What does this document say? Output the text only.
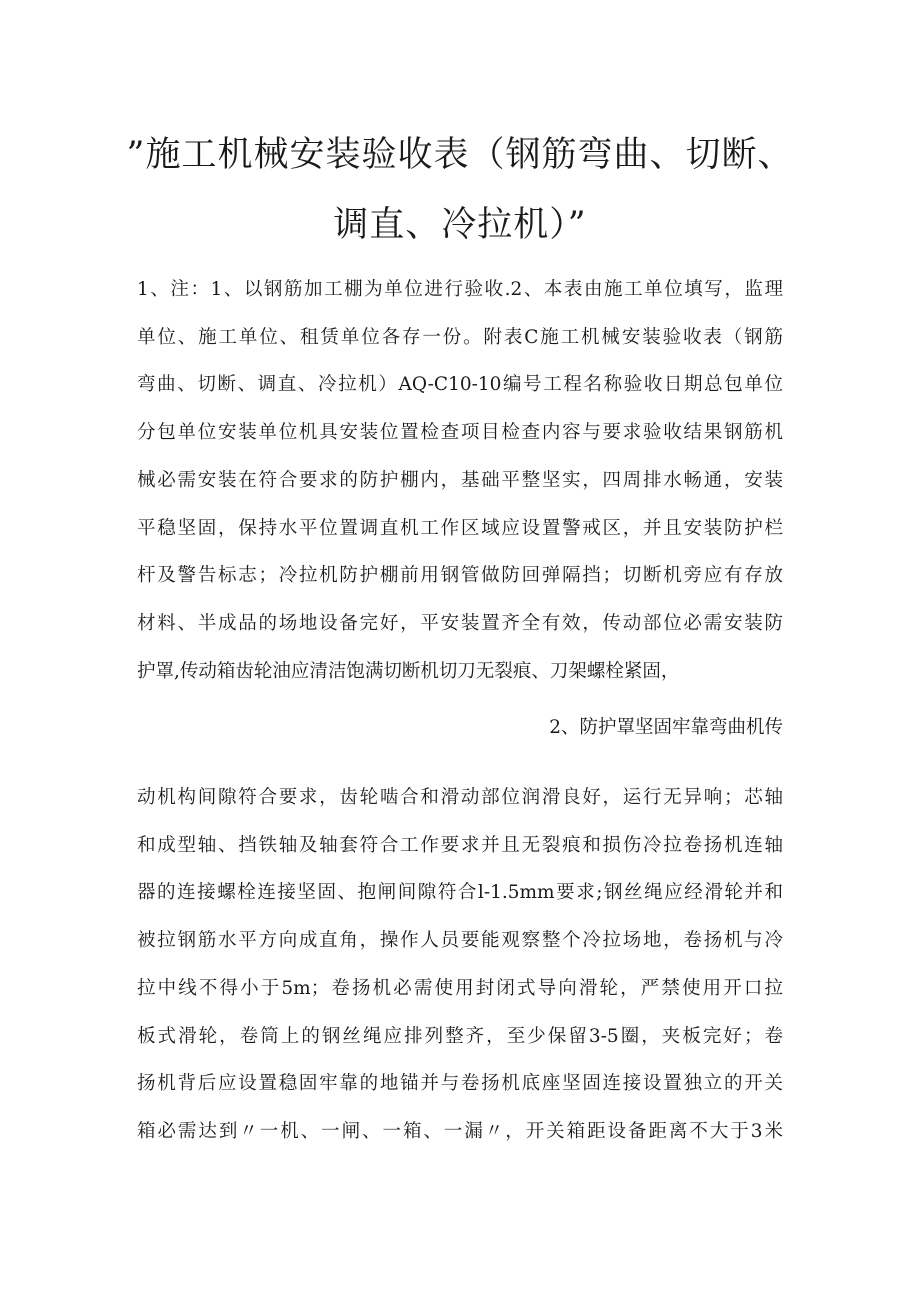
”施工机械安装验收表（钢筋弯曲、切断、
调直、冷拉机）”
1、注：1、以钢筋加工棚为单位进行验收.2、本表由施工单位填写，监理
单位、施工单位、租赁单位各存一份。附表C施工机械安装验收表（钢筋
弯曲、切断、调直、冷拉机）AQ-C10-10编号工程名称验收日期总包单位
分包单位安装单位机具安装位置检查项目检查内容与要求验收结果钢筋机
械必需安装在符合要求的防护棚内，基础平整坚实，四周排水畅通，安装
平稳坚固，保持水平位置调直机工作区域应设置警戒区，并且安装防护栏
杆及警告标志；冷拉机防护棚前用钢管做防回弹隔挡；切断机旁应有存放
材料、半成品的场地设备完好，平安装置齐全有效，传动部位必需安装防
护罩,传动箱齿轮油应清洁饱满切断机切刀无裂痕、刀架螺栓紧固，
2、防护罩坚固牢靠弯曲机传
动机构间隙符合要求，齿轮啮合和滑动部位润滑良好，运行无异响；芯轴
和成型轴、挡铁轴及轴套符合工作要求并且无裂痕和损伤冷拉卷扬机连轴
器的连接螺栓连接坚固、抱闸间隙符合l-1.5mm要求;钢丝绳应经滑轮并和
被拉钢筋水平方向成直角，操作人员要能观察整个冷拉场地，卷扬机与冷
拉中线不得小于5m；卷扬机必需使用封闭式导向滑轮，严禁使用开口拉
板式滑轮，卷筒上的钢丝绳应排列整齐，至少保留3-5圈，夹板完好；卷
扬机背后应设置稳固牢靠的地锚并与卷扬机底座坚固连接设置独立的开关
箱必需达到〃一机、一闸、一箱、一漏〃，开关箱距设备距离不大于3米
